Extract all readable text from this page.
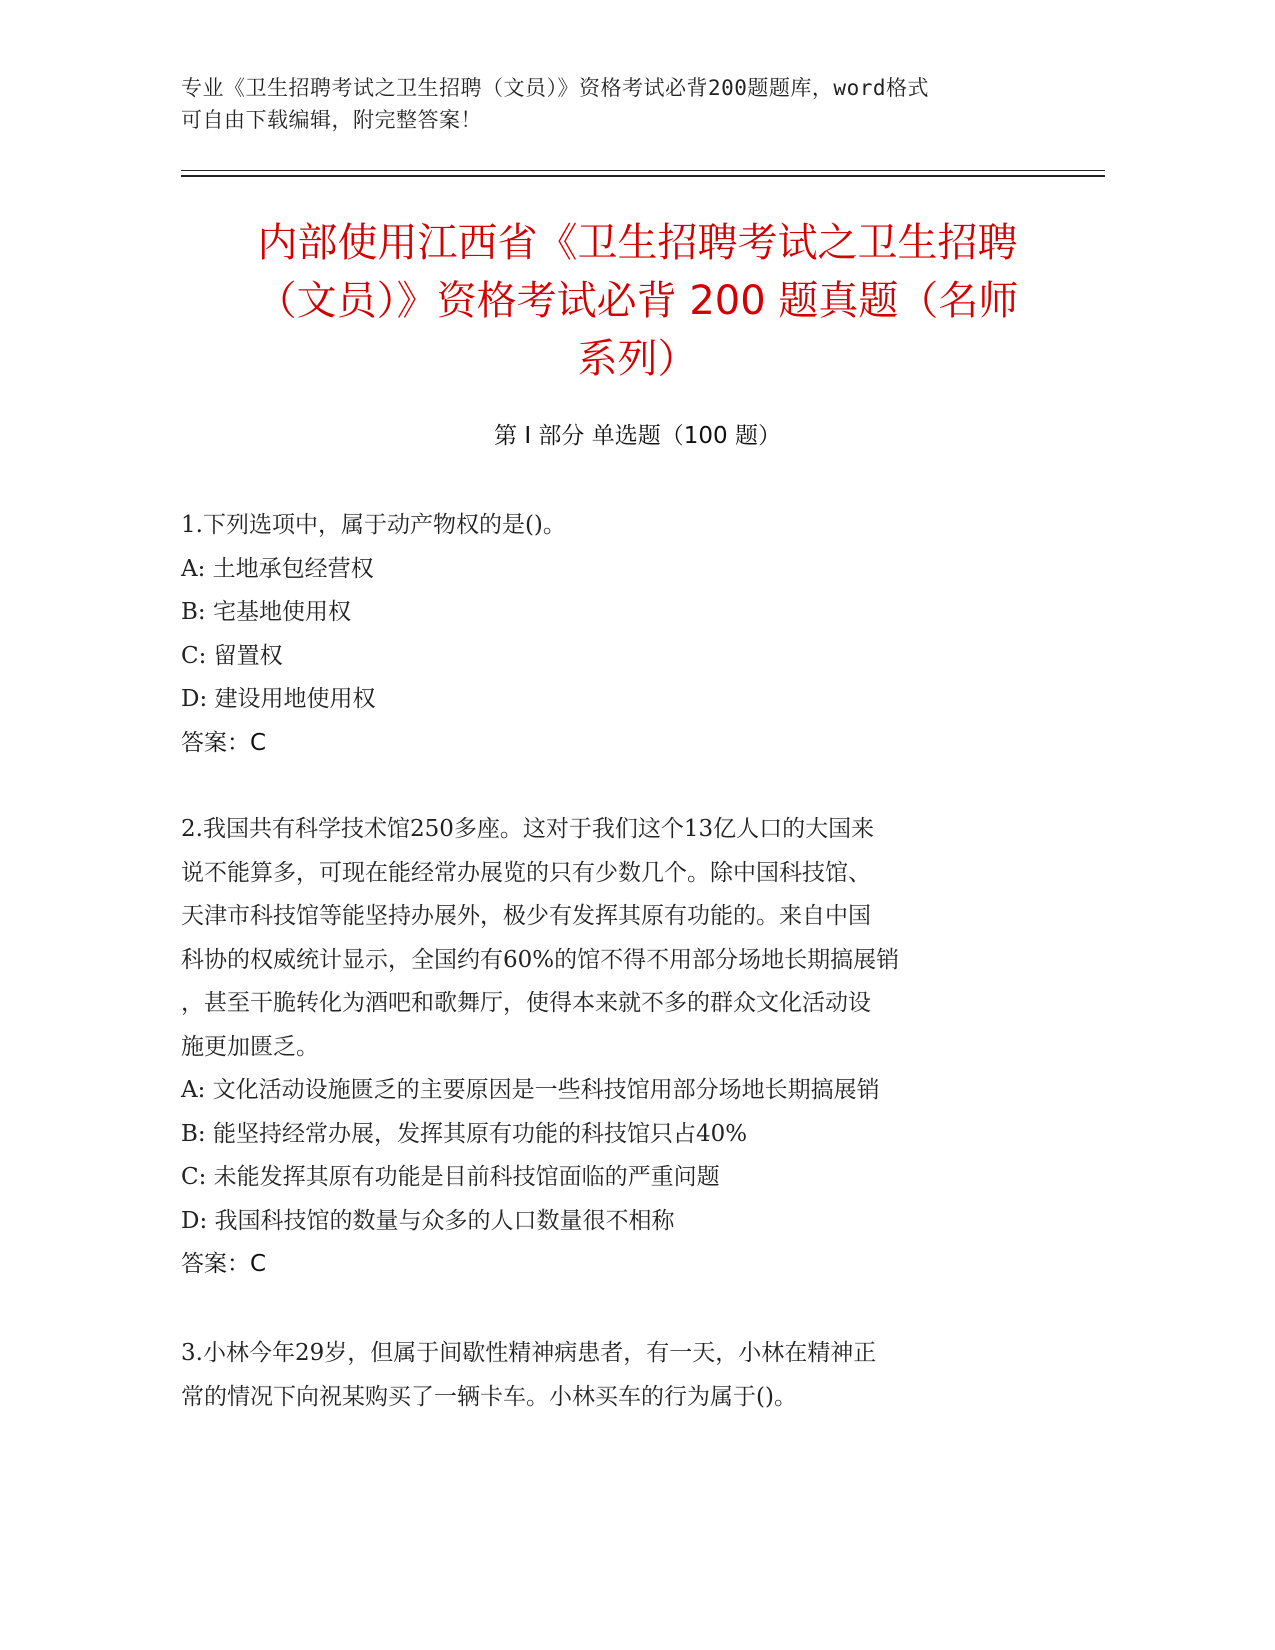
专业《卫生招聘考试之卫生招聘（文员）》资格考试必背200题题库，word格式
可自由下载编辑，附完整答案！
内部使用江西省《卫生招聘考试之卫生招聘
（文员）》资格考试必背 200 题真题（名师
系列）
第 I 部分 单选题（100 题）
1.下列选项中，属于动产物权的是()。
A: 土地承包经营权
B: 宅基地使用权
C: 留置权
D: 建设用地使用权
答案：C
2.我国共有科学技术馆250多座。这对于我们这个13亿人口的大国来
说不能算多，可现在能经常办展览的只有少数几个。除中国科技馆、
天津市科技馆等能坚持办展外，极少有发挥其原有功能的。来自中国
科协的权威统计显示，全国约有60%的馆不得不用部分场地长期搞展销
，甚至干脆转化为酒吧和歌舞厅，使得本来就不多的群众文化活动设
施更加匮乏。
A: 文化活动设施匮乏的主要原因是一些科技馆用部分场地长期搞展销
B: 能坚持经常办展，发挥其原有功能的科技馆只占40%
C: 未能发挥其原有功能是目前科技馆面临的严重问题
D: 我国科技馆的数量与众多的人口数量很不相称
答案：C
3.小林今年29岁，但属于间歇性精神病患者，有一天，小林在精神正
常的情况下向祝某购买了一辆卡车。小林买车的行为属于()。
